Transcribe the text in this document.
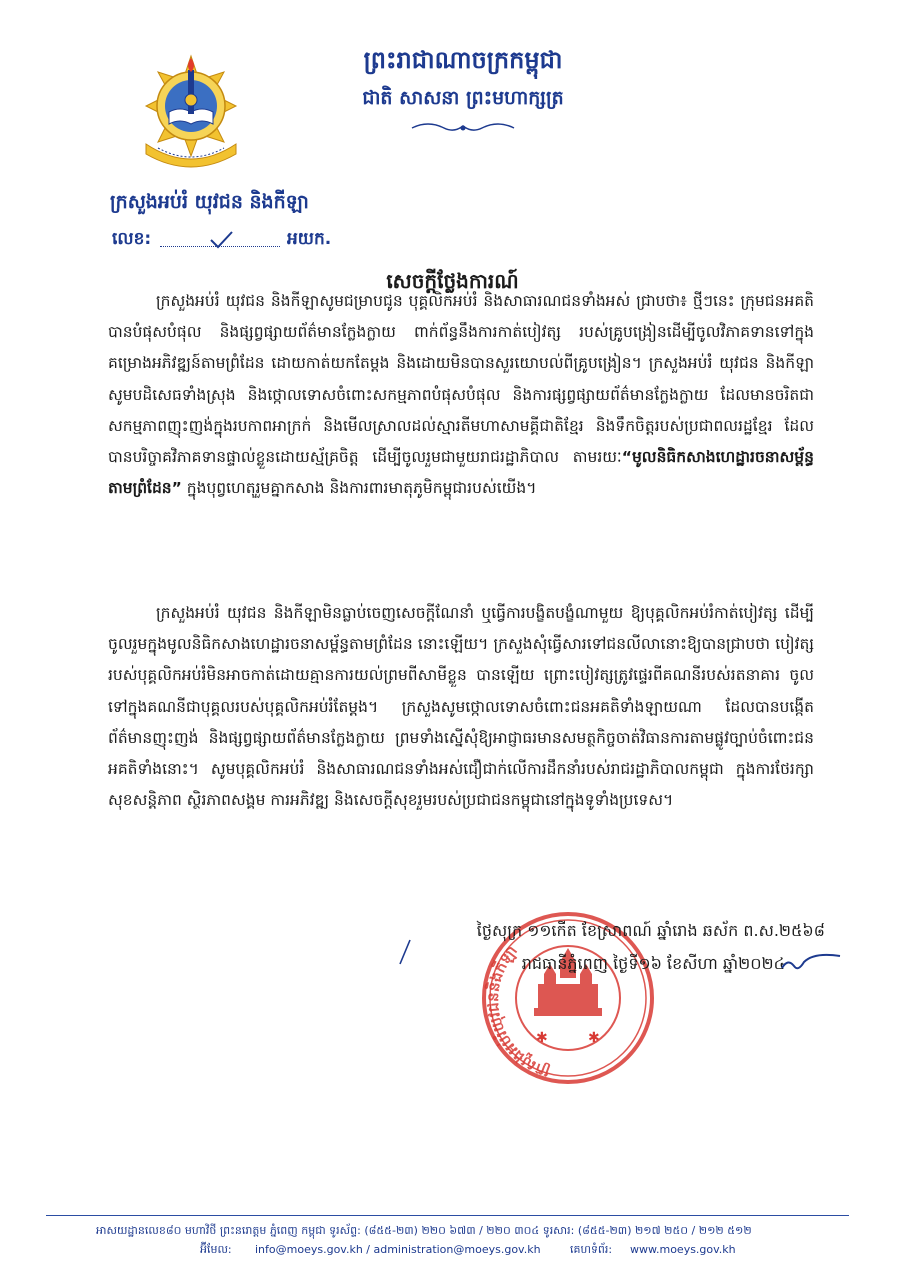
ព្រះរាជាណាចក្រកម្ពុជា
ជាតិ សាសនា ព្រះមហាក្សត្រ
ក្រសួងអប់រំ យុវជន និងកីឡា
លេខ:	អយក.
សេចក្តីថ្លែងការណ៍

ក្រសួងអប់រំ យុវជន និងកីឡាសូមជម្រាបជូន បុគ្គលិកអប់រំ និងសាធារណជនទាំងអស់ ជ្រាបថា៖ ថ្មីៗនេះ ក្រុមជនអគតិបានបំផុសបំផុល និងផ្សព្វផ្សាយព័ត៌មានក្លែងក្លាយ ពាក់ព័ន្ធនឹងការកាត់បៀវត្ស របស់គ្រូបង្រៀនដើម្បីចូលវិភាគទានទៅក្នុងគម្រោងអភិវឌ្ឍន៍តាមព្រំដែន ដោយកាត់យកតែម្តង និងដោយមិនបានសួរយោបល់ពីគ្រូបង្រៀន។ ក្រសួងអប់រំ យុវជន និងកីឡាសូមបដិសេធទាំងស្រុង និងថ្កោលទោសចំពោះសកម្មភាពបំផុសបំផុល និងការផ្សព្វផ្សាយព័ត៌មានក្លែងក្លាយ ដែលមានចរិតជាសកម្មភាពញុះញង់ក្នុងរបកាពអាក្រក់ និងមើលស្រាលដល់ស្មារតីមហាសាមគ្គីជាតិខ្មែរ និងទឹកចិត្តរបស់ប្រជាពលរដ្ឋខ្មែរ ដែលបានបរិច្ចាគវិភាគទានផ្ទាល់ខ្លួនដោយស្ម័គ្រចិត្ត ដើម្បីចូលរួមជាមួយរាជរដ្ឋាភិបាល តាមរយៈ“មូលនិធិកសាងហេដ្ឋារចនាសម្ព័ន្ធតាមព្រំដែន” ក្នុងបុព្វហេតុរួមគ្នាកសាង និងការពារមាតុភូមិកម្ពុជារបស់យើង។

ក្រសួងអប់រំ យុវជន និងកីឡាមិនធ្លាប់ចេញសេចក្តីណែនាំ ឬធ្វើការបង្ខិតបង្ខំណាមួយ ឱ្យបុគ្គលិកអប់រំកាត់បៀវត្ស ដើម្បីចូលរួមក្នុងមូលនិធិកសាងហេដ្ឋារចនាសម្ព័ន្ធតាមព្រំដែន នោះឡើយ។ ក្រសួងសុំធ្វើសារទៅជនលីលានោះឱ្យបានជ្រាបថា បៀវត្សរបស់បុគ្គលិកអប់រំមិនអាចកាត់ដោយគ្មានការយល់ព្រមពីសាមីខ្លួន បានឡើយ ព្រោះបៀវត្សត្រូវផ្ទេរពីគណនីរបស់រតនាគារ ចូលទៅក្នុងគណនីជាបុគ្គលរបស់បុគ្គលិកអប់រំតែម្តង។ ក្រសួងសូមថ្កោលទោសចំពោះជនអគតិទាំងឡាយណា ដែលបានបង្កើតព័ត៌មានញុះញង់ និងផ្សព្វផ្សាយព័ត៌មានក្លែងក្លាយ ព្រមទាំងស្នើសុំឱ្យអាជ្ញាធរមានសមត្ថកិច្ចចាត់វិធានការតាមផ្លូវច្បាប់ចំពោះជនអគតិទាំងនោះ។ សូមបុគ្គលិកអប់រំ និងសាធារណជនទាំងអស់ជឿជាក់លើការដឹកនាំរបស់រាជរដ្ឋាភិបាលកម្ពុជា ក្នុងការថែរក្សាសុខសន្តិភាព ស្ថិរភាពសង្គម ការអភិវឌ្ឍ និងសេចក្តីសុខរួមរបស់ប្រជាជនកម្ពុជានៅក្នុងទូទាំងប្រទេស។

ក្រសួងអប់រំយុវជននិងកីឡា
✱	✱
ថ្ងៃសុក្រ ១១កើត ខែស្រាពណ៍ ឆ្នាំរោង ឆស័ក ព.ស.២៥៦៨
រាជធានីភ្នំពេញ ថ្ងៃទី១៦ ខែសីហា ឆ្នាំ២០២៤
អាសយដ្ឋានលេខ៨០ មហាវិថី ព្រះនរោត្តម ភ្នំពេញ កម្ពុជា ទូរស័ព្ទ: (៨៥៥-២៣) ២២០ ៦៧៣ / ២២០ ៣០៤ ទូរសារ: (៨៥៥-២៣) ២១៧ ២៥០ / ២១២ ៥១២
អ៊ីមែល: info@moeys.gov.kh / administration@moeys.gov.kh	គេហទំព័រ: www.moeys.gov.kh
